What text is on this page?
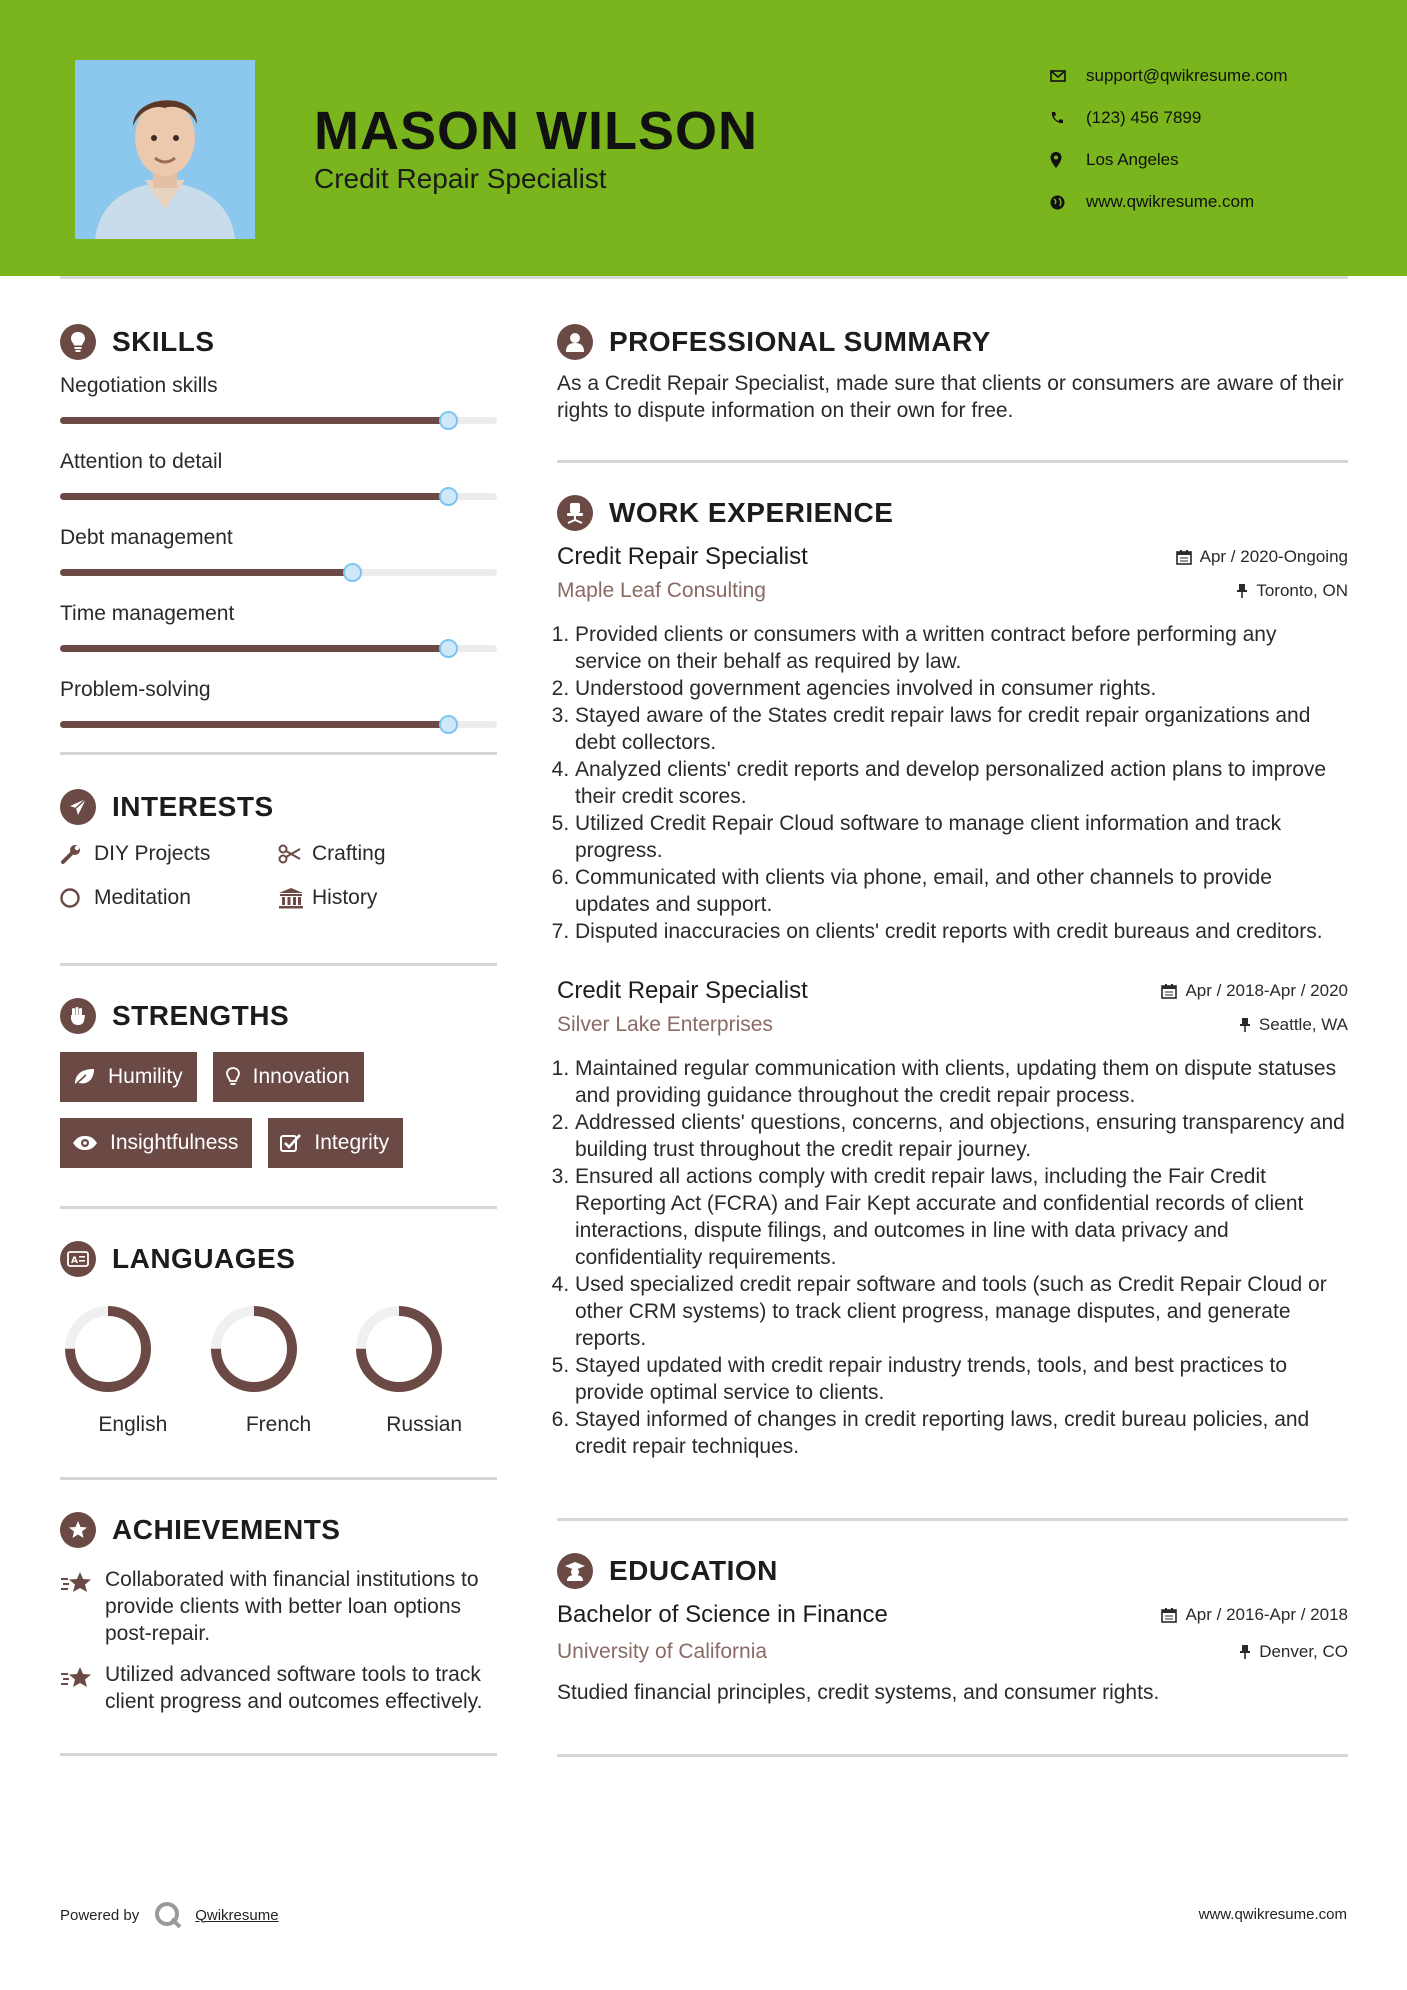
MASON WILSON
Credit Repair Specialist
support@qwikresume.com
(123) 456 7899
Los Angeles
www.qwikresume.com
SKILLS
Negotiation skills
Attention to detail
Debt management
Time management
Problem-solving
INTERESTS
DIY Projects	Crafting
Meditation	History
STRENGTHS
Humility	Innovation
Insightfulness	Integrity
A LANGUAGES
English	French	Russian
ACHIEVEMENTS
Collaborated with financial institutions to provide clients with better loan options post-repair.
Utilized advanced software tools to track client progress and outcomes effectively.
PROFESSIONAL SUMMARY
As a Credit Repair Specialist, made sure that clients or consumers are aware of their rights to dispute information on their own for free.
WORK EXPERIENCE
Credit Repair Specialist	Apr / 2020-Ongoing
Maple Leaf Consulting	Toronto, ON
1. Provided clients or consumers with a written contract before performing any service on their behalf as required by law.
2. Understood government agencies involved in consumer rights.
3. Stayed aware of the States credit repair laws for credit repair organizations and debt collectors.
4. Analyzed clients' credit reports and develop personalized action plans to improve their credit scores.
5. Utilized Credit Repair Cloud software to manage client information and track progress.
6. Communicated with clients via phone, email, and other channels to provide updates and support.
7. Disputed inaccuracies on clients' credit reports with credit bureaus and creditors.
Credit Repair Specialist	Apr / 2018-Apr / 2020
Silver Lake Enterprises	Seattle, WA
1. Maintained regular communication with clients, updating them on dispute statuses and providing guidance throughout the credit repair process.
2. Addressed clients' questions, concerns, and objections, ensuring transparency and building trust throughout the credit repair journey.
3. Ensured all actions comply with credit repair laws, including the Fair Credit Reporting Act (FCRA) and Fair Kept accurate and confidential records of client interactions, dispute filings, and outcomes in line with data privacy and confidentiality requirements.
4. Used specialized credit repair software and tools (such as Credit Repair Cloud or other CRM systems) to track client progress, manage disputes, and generate reports.
5. Stayed updated with credit repair industry trends, tools, and best practices to provide optimal service to clients.
6. Stayed informed of changes in credit reporting laws, credit bureau policies, and credit repair techniques.
EDUCATION
Bachelor of Science in Finance	Apr / 2016-Apr / 2018
University of California	Denver, CO
Studied financial principles, credit systems, and consumer rights.
Powered by	Qwikresume	www.qwikresume.com
